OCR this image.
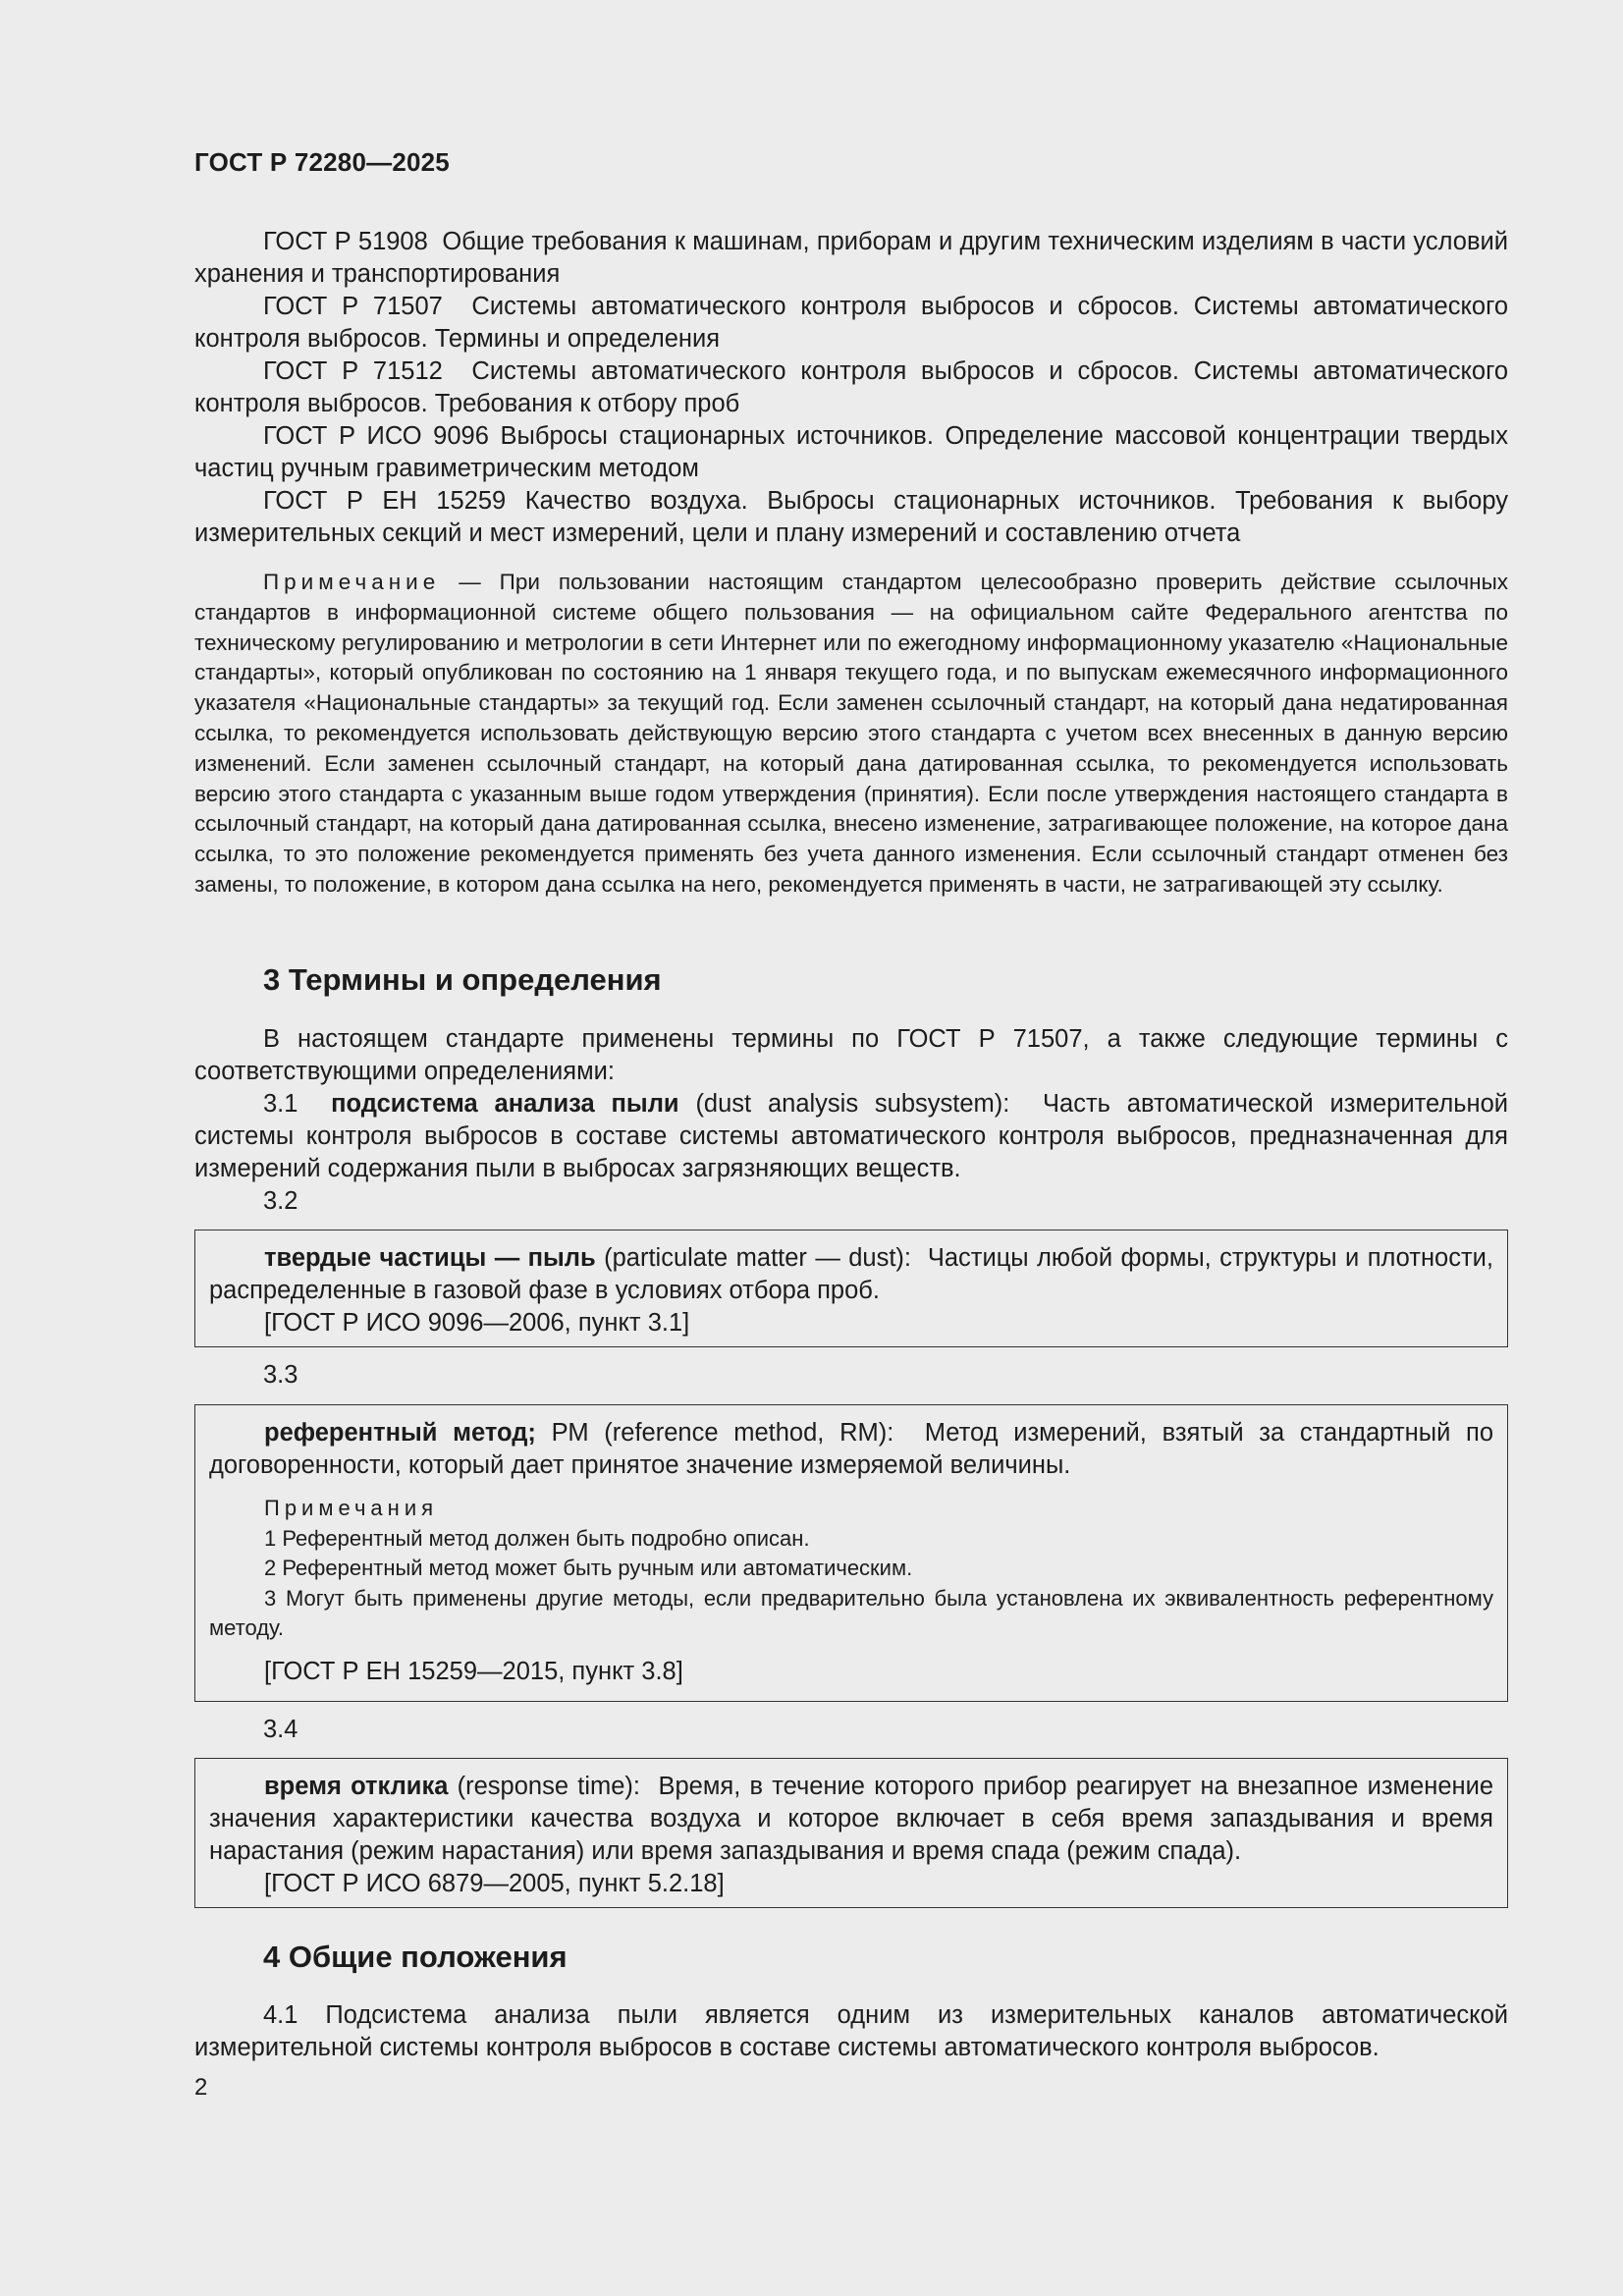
ГОСТ Р 72280—2025

ГОСТ Р 51908 Общие требования к машинам, приборам и другим техническим изделиям в части условий хранения и транспортирования

ГОСТ Р 71507 Системы автоматического контроля выбросов и сбросов. Системы автоматического контроля выбросов. Термины и определения

ГОСТ Р 71512 Системы автоматического контроля выбросов и сбросов. Системы автоматического контроля выбросов. Требования к отбору проб

ГОСТ Р ИСО 9096 Выбросы стационарных источников. Определение массовой концентрации твердых частиц ручным гравиметрическим методом

ГОСТ Р ЕН 15259 Качество воздуха. Выбросы стационарных источников. Требования к выбору измерительных секций и мест измерений, цели и плану измерений и составлению отчета

Примечание — При пользовании настоящим стандартом целесообразно проверить действие ссылочных стандартов в информационной системе общего пользования — на официальном сайте Федерального агентства по техническому регулированию и метрологии в сети Интернет или по ежегодному информационному указателю «Национальные стандарты», который опубликован по состоянию на 1 января текущего года, и по выпускам ежемесячного информационного указателя «Национальные стандарты» за текущий год. Если заменен ссылочный стандарт, на который дана недатированная ссылка, то рекомендуется использовать действующую версию этого стандарта с учетом всех внесенных в данную версию изменений. Если заменен ссылочный стандарт, на который дана датированная ссылка, то рекомендуется использовать версию этого стандарта с указанным выше годом утверждения (принятия). Если после утверждения настоящего стандарта в ссылочный стандарт, на который дана датированная ссылка, внесено изменение, затрагивающее положение, на которое дана ссылка, то это положение рекомендуется применять без учета данного изменения. Если ссылочный стандарт отменен без замены, то положение, в котором дана ссылка на него, рекомендуется применять в части, не затрагивающей эту ссылку.

3 Термины и определения

В настоящем стандарте применены термины по ГОСТ Р 71507, а также следующие термины с соответствующими определениями:

3.1 подсистема анализа пыли (dust analysis subsystem): Часть автоматической измерительной системы контроля выбросов в составе системы автоматического контроля выбросов, предназначенная для измерений содержания пыли в выбросах загрязняющих веществ.

3.2

твердые частицы — пыль (particulate matter — dust): Частицы любой формы, структуры и плотности, распределенные в газовой фазе в условиях отбора проб.

[ГОСТ Р ИСО 9096—2006, пункт 3.1]

3.3

референтный метод; РМ (reference method, RM): Метод измерений, взятый за стандартный по договоренности, который дает принятое значение измеряемой величины.

Примечания

1 Референтный метод должен быть подробно описан.

2 Референтный метод может быть ручным или автоматическим.

3 Могут быть применены другие методы, если предварительно была установлена их эквивалентность референтному методу.

[ГОСТ Р ЕН 15259—2015, пункт 3.8]

3.4

время отклика (response time): Время, в течение которого прибор реагирует на внезапное изменение значения характеристики качества воздуха и которое включает в себя время запаздывания и время нарастания (режим нарастания) или время запаздывания и время спада (режим спада).

[ГОСТ Р ИСО 6879—2005, пункт 5.2.18]

4 Общие положения

4.1 Подсистема анализа пыли является одним из измерительных каналов автоматической измерительной системы контроля выбросов в составе системы автоматического контроля выбросов.

2
